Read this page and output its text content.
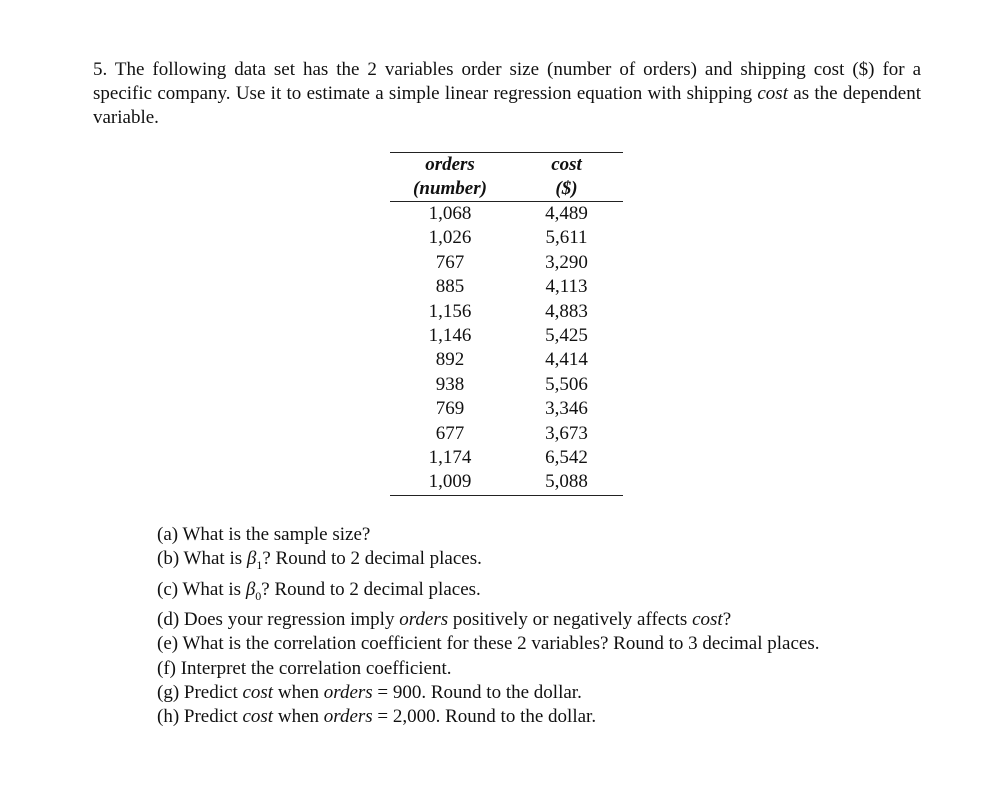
5. The following data set has the 2 variables order size (number of orders) and shipping cost ($) for a specific company. Use it to estimate a simple linear regression equation with shipping cost as the dependent variable.
orders	cost
(number)	($)
1,068	4,489
1,026	5,611
767	3,290
885	4,113
1,156	4,883
1,146	5,425
892	4,414
938	5,506
769	3,346
677	3,673
1,174	6,542
1,009	5,088
(a) What is the sample size?
(b) What is $\beta_1$? Round to 2 decimal places.
(c) What is $\beta_0$? Round to 2 decimal places.
(d) Does your regression imply orders positively or negatively affects cost?
(e) What is the correlation coefficient for these 2 variables? Round to 3 decimal places.
(f) Interpret the correlation coefficient.
(g) Predict cost when orders = 900. Round to the dollar.
(h) Predict cost when orders = 2,000. Round to the dollar.
